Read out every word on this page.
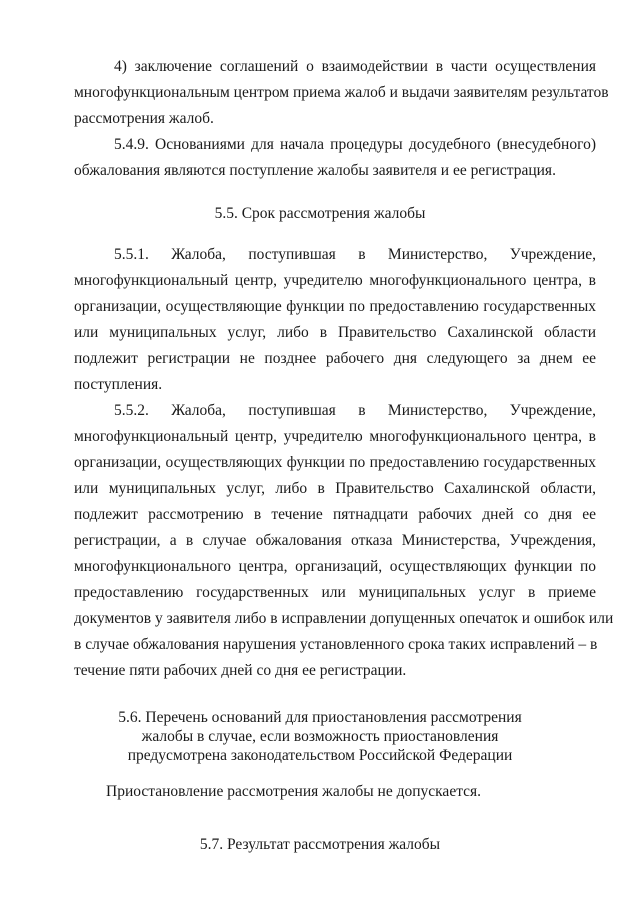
4) заключение соглашений о взаимодействии в части осуществления
многофункциональным центром приема жалоб и выдачи заявителям результатов
рассмотрения жалоб.
5.4.9. Основаниями для начала процедуры досудебного (внесудебного)
обжалования являются поступление жалобы заявителя и ее регистрация.
5.5. Срок рассмотрения жалобы
5.5.1. Жалоба, поступившая в Министерство, Учреждение,
многофункциональный центр, учредителю многофункционального центра, в
организации, осуществляющие функции по предоставлению государственных
или муниципальных услуг, либо в Правительство Сахалинской области
подлежит регистрации не позднее рабочего дня следующего за днем ее
поступления.
5.5.2. Жалоба, поступившая в Министерство, Учреждение,
многофункциональный центр, учредителю многофункционального центра, в
организации, осуществляющих функции по предоставлению государственных
или муниципальных услуг, либо в Правительство Сахалинской области,
подлежит рассмотрению в течение пятнадцати рабочих дней со дня ее
регистрации, а в случае обжалования отказа Министерства, Учреждения,
многофункционального центра, организаций, осуществляющих функции по
предоставлению государственных или муниципальных услуг в приеме
документов у заявителя либо в исправлении допущенных опечаток и ошибок или
в случае обжалования нарушения установленного срока таких исправлений – в
течение пяти рабочих дней со дня ее регистрации.
5.6. Перечень оснований для приостановления рассмотрения
жалобы в случае, если возможность приостановления
предусмотрена законодательством Российской Федерации
Приостановление рассмотрения жалобы не допускается.
5.7. Результат рассмотрения жалобы
